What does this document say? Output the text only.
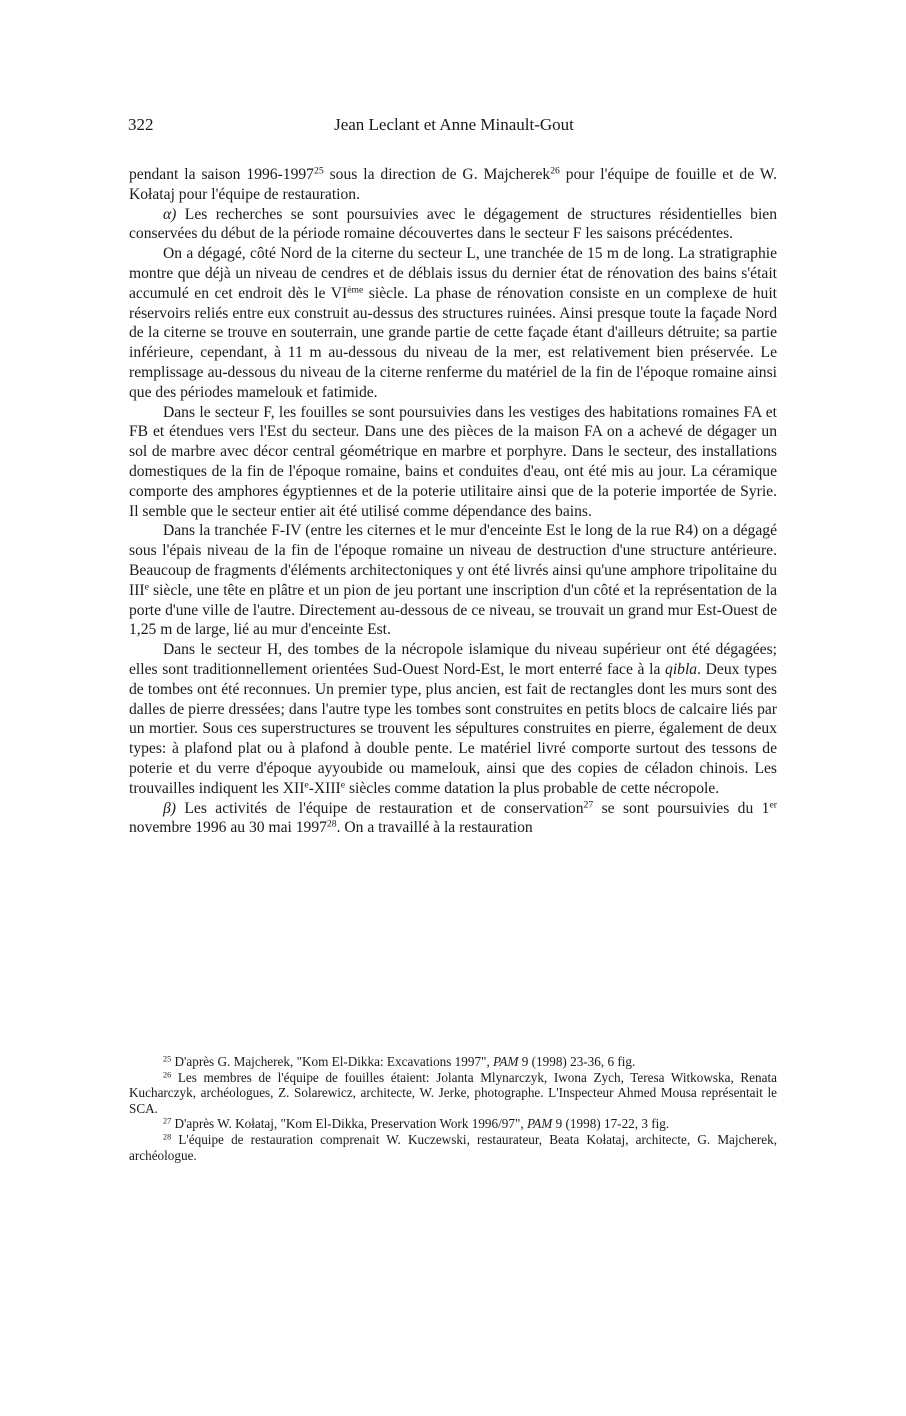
322	Jean Leclant et Anne Minault-Gout

pendant la saison 1996-1997$^{25}$ sous la direction de G. Majcherek$^{26}$ pour l'équipe de fouille et de W. Kołataj pour l'équipe de restauration.

α) Les recherches se sont poursuivies avec le dégagement de structures résidentielles bien conservées du début de la période romaine découvertes dans le secteur F les saisons précédentes.

On a dégagé, côté Nord de la citerne du secteur L, une tranchée de 15 m de long. La stratigraphie montre que déjà un niveau de cendres et de déblais issus du dernier état de rénovation des bains s'était accumulé en cet endroit dès le VIème siècle. La phase de rénovation consiste en un complexe de huit réservoirs reliés entre eux construit au-dessus des structures ruinées. Ainsi presque toute la façade Nord de la citerne se trouve en souterrain, une grande partie de cette façade étant d'ailleurs détruite; sa partie inférieure, cependant, à 11 m au-dessous du niveau de la mer, est relativement bien préservée. Le remplissage au-dessous du niveau de la citerne renferme du matériel de la fin de l'époque romaine ainsi que des périodes mamelouk et fatimide.

Dans le secteur F, les fouilles se sont poursuivies dans les vestiges des habitations romaines FA et FB et étendues vers l'Est du secteur. Dans une des pièces de la maison FA on a achevé de dégager un sol de marbre avec décor central géométrique en marbre et porphyre. Dans le secteur, des installations domestiques de la fin de l'époque romaine, bains et conduites d'eau, ont été mis au jour. La céramique comporte des amphores égyptiennes et de la poterie utilitaire ainsi que de la poterie importée de Syrie. Il semble que le secteur entier ait été utilisé comme dépendance des bains.

Dans la tranchée F-IV (entre les citernes et le mur d'enceinte Est le long de la rue R4) on a dégagé sous l'épais niveau de la fin de l'époque romaine un niveau de destruction d'une structure antérieure. Beaucoup de fragments d'éléments architectoniques y ont été livrés ainsi qu'une amphore tripolitaine du IIIe siècle, une tête en plâtre et un pion de jeu portant une inscription d'un côté et la représentation de la porte d'une ville de l'autre. Directement au-dessous de ce niveau, se trouvait un grand mur Est-Ouest de 1,25 m de large, lié au mur d'enceinte Est.

Dans le secteur H, des tombes de la nécropole islamique du niveau supérieur ont été dégagées; elles sont traditionnellement orientées Sud-Ouest Nord-Est, le mort enterré face à la qibla. Deux types de tombes ont été reconnues. Un premier type, plus ancien, est fait de rectangles dont les murs sont des dalles de pierre dressées; dans l'autre type les tombes sont construites en petits blocs de calcaire liés par un mortier. Sous ces superstructures se trouvent les sépultures construites en pierre, également de deux types: à plafond plat ou à plafond à double pente. Le matériel livré comporte surtout des tessons de poterie et du verre d'époque ayyoubide ou mamelouk, ainsi que des copies de céladon chinois. Les trouvailles indiquent les XIIe-XIIIe siècles comme datation la plus probable de cette nécropole.

β) Les activités de l'équipe de restauration et de conservation$^{27}$ se sont poursuivies du 1er novembre 1996 au 30 mai 1997$^{28}$. On a travaillé à la restauration

$^{25}$ D'après G. Majcherek, "Kom El-Dikka: Excavations 1997", PAM 9 (1998) 23-36, 6 fig.

$^{26}$ Les membres de l'équipe de fouilles étaient: Jolanta Mlynarczyk, Iwona Zych, Teresa Witkowska, Renata Kucharczyk, archéologues, Z. Solarewicz, architecte, W. Jerke, photographe. L'Inspecteur Ahmed Mousa représentait le SCA.

$^{27}$ D'après W. Kołataj, "Kom El-Dikka, Preservation Work 1996/97", PAM 9 (1998) 17-22, 3 fig.

$^{28}$ L'équipe de restauration comprenait W. Kuczewski, restaurateur, Beata Kołataj, architecte, G. Majcherek, archéologue.
